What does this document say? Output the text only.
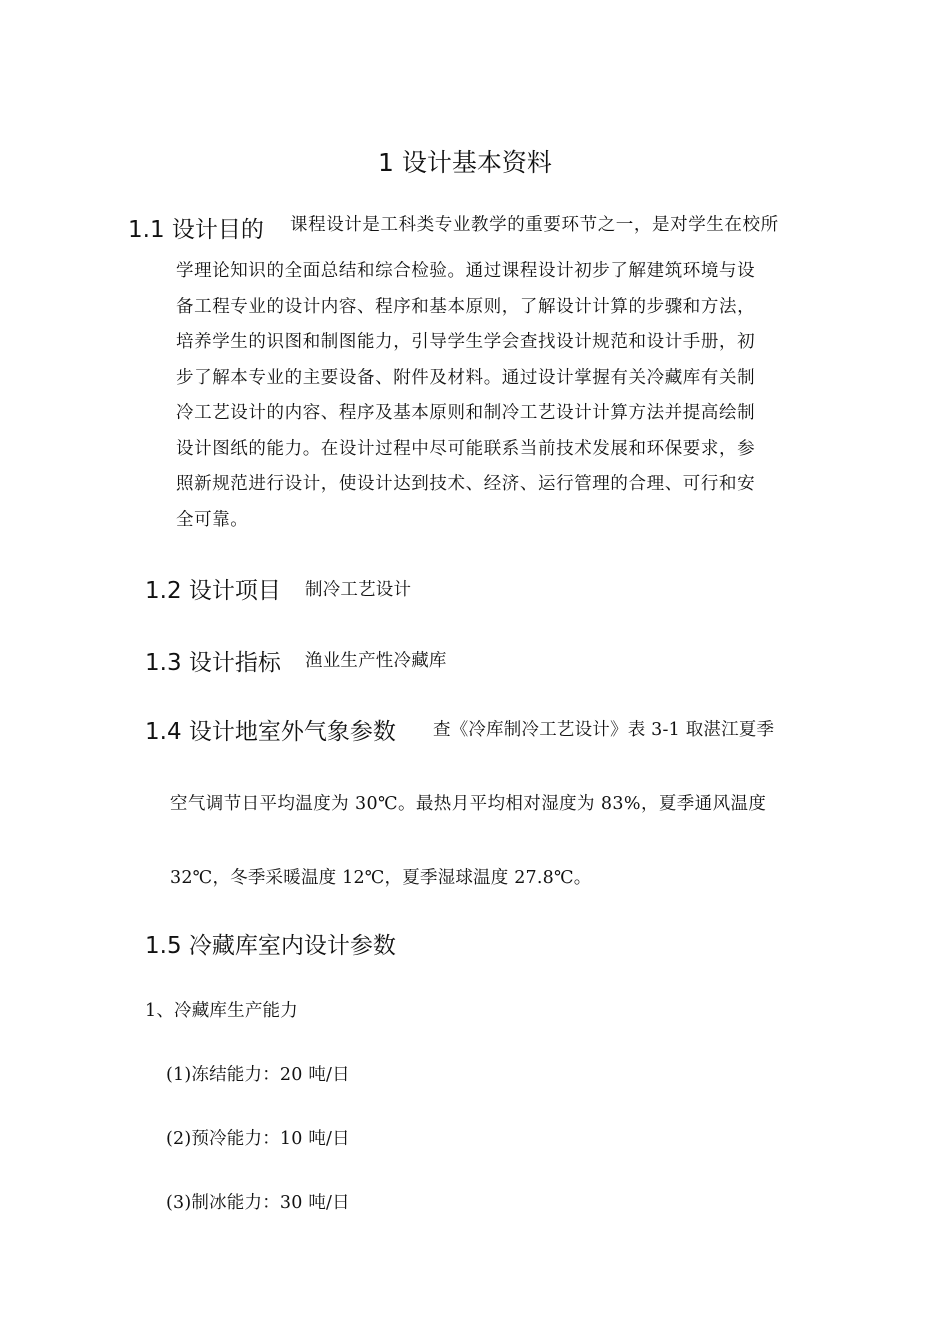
1 设计基本资料
1.1 设计目的 课程设计是工科类专业教学的重要环节之一，是对学生在校所
学理论知识的全面总结和综合检验。通过课程设计初步了解建筑环境与设
备工程专业的设计内容、程序和基本原则，了解设计计算的步骤和方法，
培养学生的识图和制图能力，引导学生学会查找设计规范和设计手册，初
步了解本专业的主要设备、附件及材料。通过设计掌握有关冷藏库有关制
冷工艺设计的内容、程序及基本原则和制冷工艺设计计算方法并提高绘制
设计图纸的能力。在设计过程中尽可能联系当前技术发展和环保要求，参
照新规范进行设计，使设计达到技术、经济、运行管理的合理、可行和安
全可靠。
1.2 设计项目 制冷工艺设计
1.3 设计指标 渔业生产性冷藏库
1.4 设计地室外气象参数 查《冷库制冷工艺设计》表 3-1 取湛江夏季
空气调节日平均温度为 30℃。最热月平均相对湿度为 83%，夏季通风温度
32℃，冬季采暖温度 12℃，夏季湿球温度 27.8℃。
1.5 冷藏库室内设计参数
1、冷藏库生产能力
(1)冻结能力：20 吨/日
(2)预冷能力：10 吨/日
(3)制冰能力：30 吨/日
